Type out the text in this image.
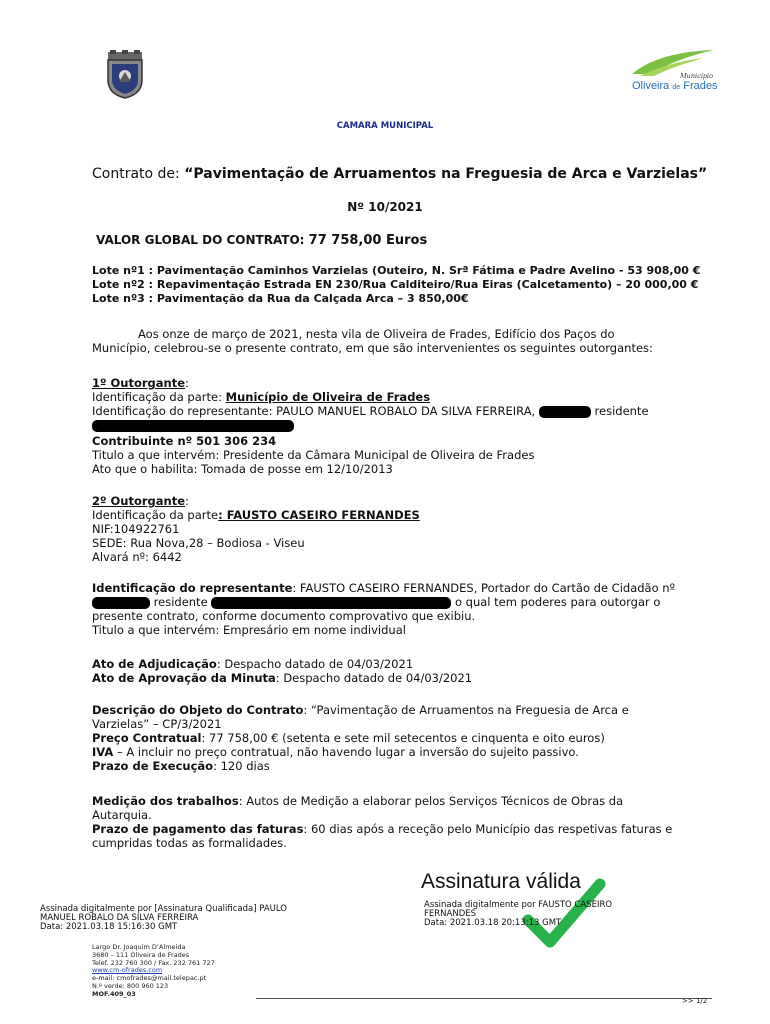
Município
Oliveira de Frades
CAMARA MUNICIPAL
Contrato de: “Pavimentação de Arruamentos na Freguesia de Arca e Varzielas”
Nº 10/2021
VALOR GLOBAL DO CONTRATO: 77 758,00 Euros
Lote nº1 : Pavimentação Caminhos Varzielas (Outeiro, N. Srª Fátima e Padre Avelino - 53 908,00 €
Lote nº2 : Repavimentação Estrada EN 230/Rua Calditeiro/Rua Eiras (Calcetamento) – 20 000,00 €
Lote nº3 : Pavimentação da Rua da Calçada Arca – 3 850,00€
Aos onze de março de 2021, nesta vila de Oliveira de Frades, Edifício dos Paços do
Município, celebrou-se o presente contrato, em que são intervenientes os seguintes outorgantes:
1º Outorgante:
Identificação da parte: Município de Oliveira de Frades
Identificação do representante: PAULO MANUEL ROBALO DA SILVA FERREIRA,	residente
Contribuinte nº 501 306 234
Titulo a que intervém: Presidente da Câmara Municipal de Oliveira de Frades
Ato que o habilita: Tomada de posse em 12/10/2013
2º Outorgante:
Identificação da parte: FAUSTO CASEIRO FERNANDES
NIF:104922761
SEDE: Rua Nova,28 – Bodiosa - Viseu
Alvará nº: 6442
Identificação do representante: FAUSTO CASEIRO FERNANDES, Portador do Cartão de Cidadão nº
residente	o qual tem poderes para outorgar o
presente contrato, conforme documento comprovativo que exibiu.
Titulo a que intervém: Empresário em nome individual
Ato de Adjudicação: Despacho datado de 04/03/2021
Ato de Aprovação da Minuta: Despacho datado de 04/03/2021
Descrição do Objeto do Contrato: “Pavimentação de Arruamentos na Freguesia de Arca e
Varzielas” – CP/3/2021
Preço Contratual: 77 758,00 € (setenta e sete mil setecentos e cinquenta e oito euros)
IVA – A incluir no preço contratual, não havendo lugar a inversão do sujeito passivo.
Prazo de Execução: 120 dias
Medição dos trabalhos: Autos de Medição a elaborar pelos Serviços Técnicos de Obras da
Autarquia.
Prazo de pagamento das faturas: 60 dias após a receção pelo Município das respetivas faturas e
cumpridas todas as formalidades.
Assinatura válida
Assinada digitalmente por [Assinatura Qualificada] PAULO
MANUEL ROBALO DA SILVA FERREIRA
Data: 2021.03.18 15:16:30 GMT
Assinada digitalmente por FAUSTO CASEIRO
FERNANDES
Data: 2021.03.18 20:13:13 GMT
Largo Dr. Joaquim D’Almeida
3680 – 111 Oliveira de Frades
Telef. 232 760 300 / Fax. 232 761 727
www.cm-ofrades.com
e-mail: cmofrades@mail.telepac.pt
N.º verde: 800 960 123
MOF.409_03
>> 1/2
